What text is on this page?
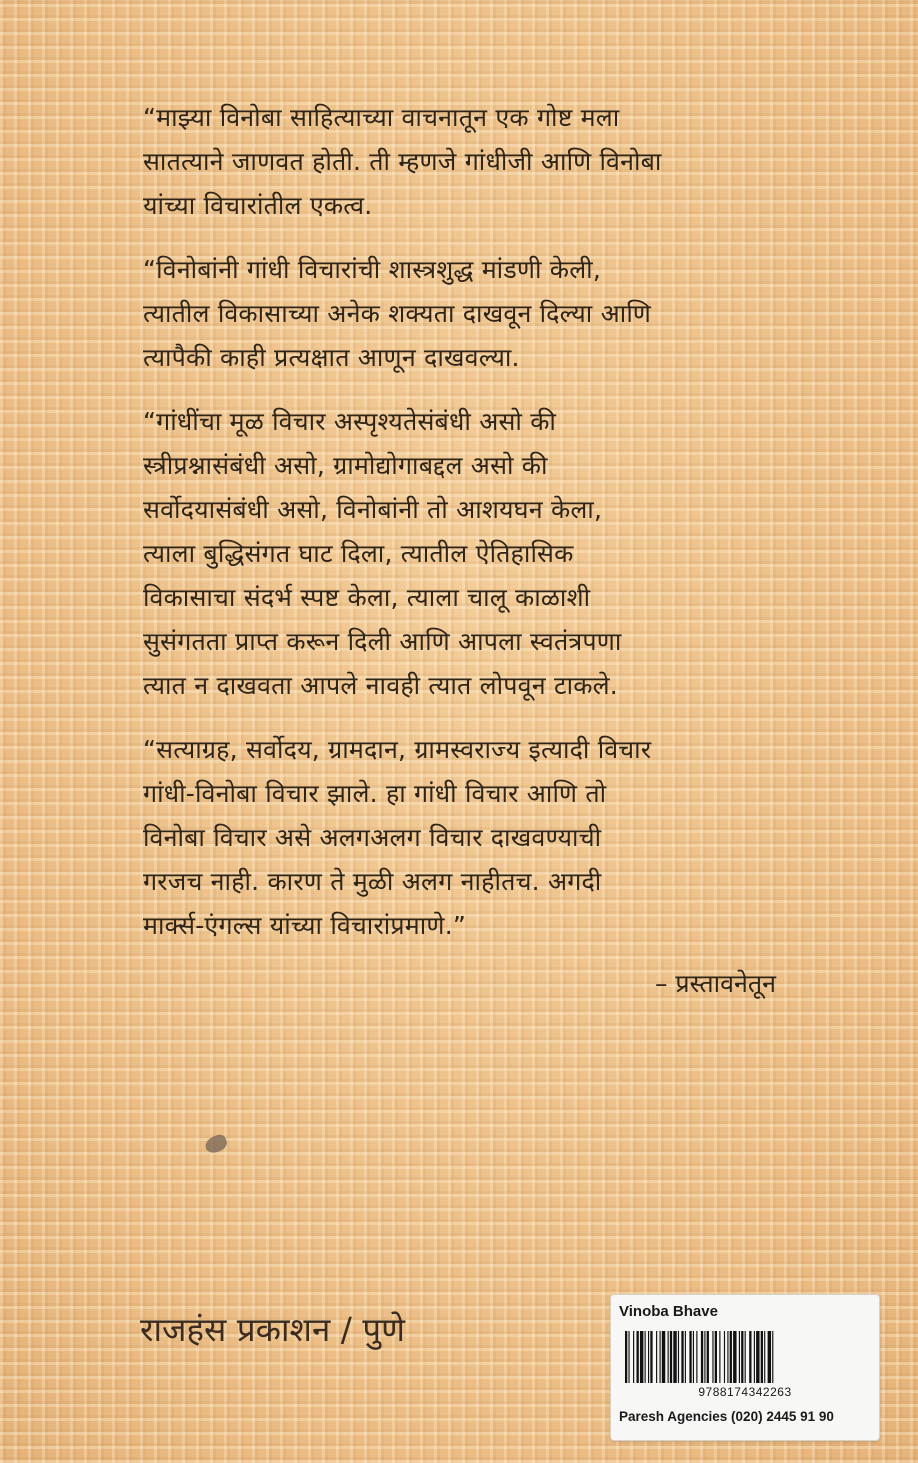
“माझ्या विनोबा साहित्याच्या वाचनातून एक गोष्ट मला
सातत्याने जाणवत होती. ती म्हणजे गांधीजी आणि विनोबा
यांच्या विचारांतील एकत्व.

“विनोबांनी गांधी विचारांची शास्त्रशुद्ध मांडणी केली,
त्यातील विकासाच्या अनेक शक्यता दाखवून दिल्या आणि
त्यापैकी काही प्रत्यक्षात आणून दाखवल्या.

“गांधींचा मूळ विचार अस्पृश्यतेसंबंधी असो की
स्त्रीप्रश्नासंबंधी असो, ग्रामोद्योगाबद्दल असो की
सर्वोदयासंबंधी असो, विनोबांनी तो आशयघन केला,
त्याला बुद्धिसंगत घाट दिला, त्यातील ऐतिहासिक
विकासाचा संदर्भ स्पष्ट केला, त्याला चालू काळाशी
सुसंगतता प्राप्त करून दिली आणि आपला स्वतंत्रपणा
त्यात न दाखवता आपले नावही त्यात लोपवून टाकले.

“सत्याग्रह, सर्वोदय, ग्रामदान, ग्रामस्वराज्य इत्यादी विचार
गांधी-विनोबा विचार झाले. हा गांधी विचार आणि तो
विनोबा विचार असे अलगअलग विचार दाखवण्याची
गरजच नाही. कारण ते मुळी अलग नाहीतच. अगदी
मार्क्स-एंगल्स यांच्या विचारांप्रमाणे.”

– प्रस्तावनेतून
राजहंस प्रकाशन / पुणे	Vinoba Bhave
9788174342263
Paresh Agencies (020) 2445 91 90
